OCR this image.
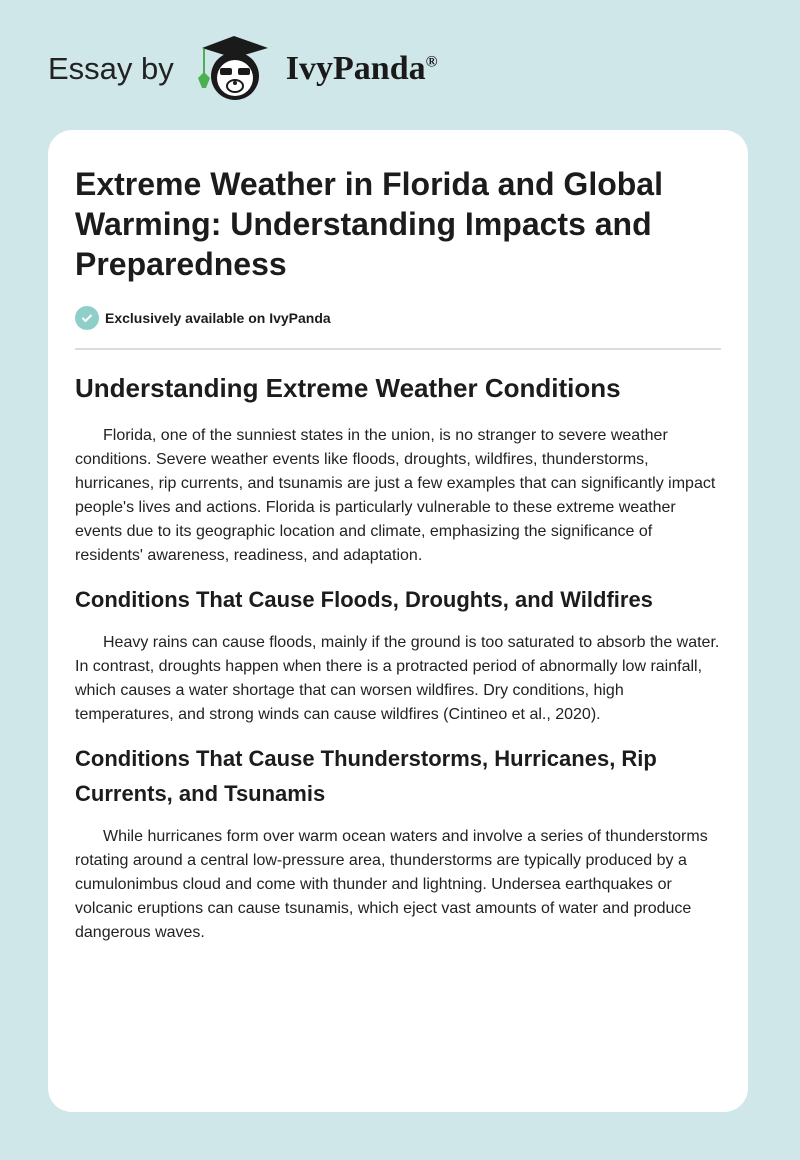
Essay by	IvyPanda®
Extreme Weather in Florida and Global Warming: Understanding Impacts and Preparedness
Exclusively available on IvyPanda
Understanding Extreme Weather Conditions

Florida, one of the sunniest states in the union, is no stranger to severe weather conditions. Severe weather events like floods, droughts, wildfires, thunderstorms, hurricanes, rip currents, and tsunamis are just a few examples that can significantly impact people's lives and actions. Florida is particularly vulnerable to these extreme weather events due to its geographic location and climate, emphasizing the significance of residents' awareness, readiness, and adaptation.

Conditions That Cause Floods, Droughts, and Wildfires

Heavy rains can cause floods, mainly if the ground is too saturated to absorb the water. In contrast, droughts happen when there is a protracted period of abnormally low rainfall, which causes a water shortage that can worsen wildfires. Dry conditions, high temperatures, and strong winds can cause wildfires (Cintineo et al., 2020).

Conditions That Cause Thunderstorms, Hurricanes, Rip Currents, and Tsunamis

While hurricanes form over warm ocean waters and involve a series of thunderstorms rotating around a central low-pressure area, thunderstorms are typically produced by a cumulonimbus cloud and come with thunder and lightning. Undersea earthquakes or volcanic eruptions can cause tsunamis, which eject vast amounts of water and produce dangerous waves.
